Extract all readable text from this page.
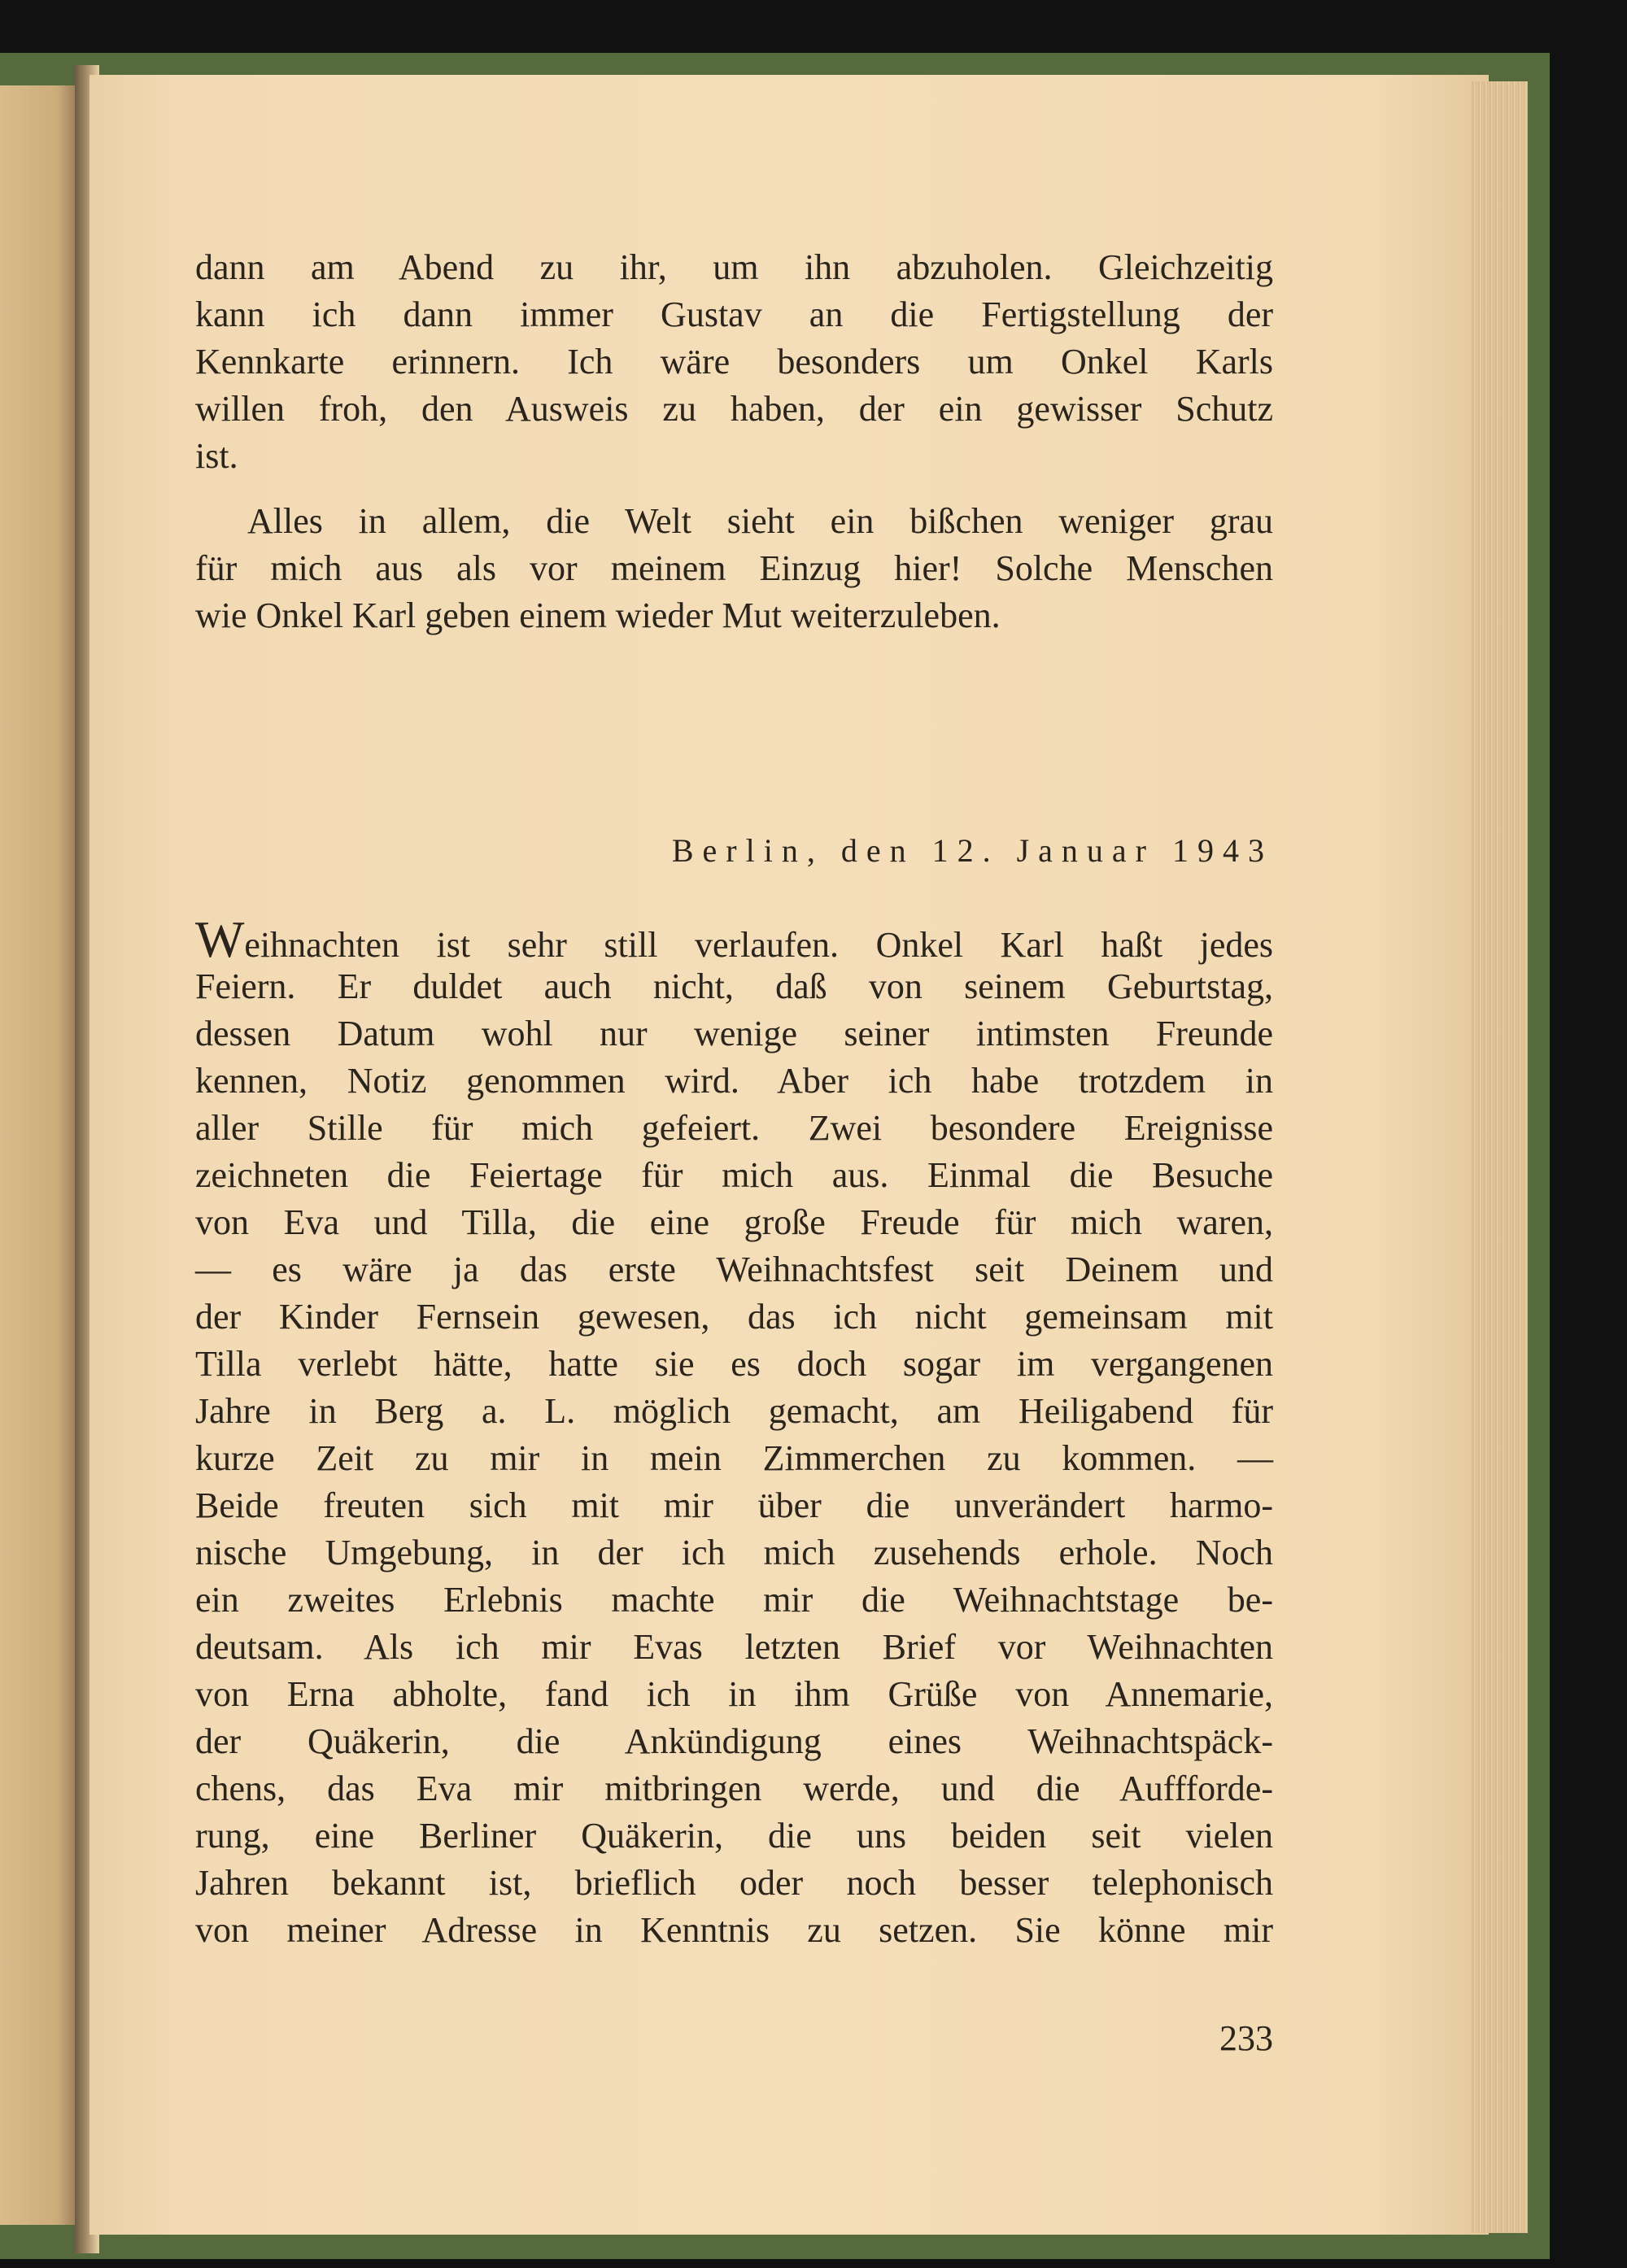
dann am Abend zu ihr, um ihn abzuholen. Gleichzeitig
kann ich dann immer Gustav an die Fertigstellung der
Kennkarte erinnern. Ich wäre besonders um Onkel Karls
willen froh, den Ausweis zu haben, der ein gewisser Schutz
ist.
Alles in allem, die Welt sieht ein bißchen weniger grau
für mich aus als vor meinem Einzug hier! Solche Menschen
wie Onkel Karl geben einem wieder Mut weiterzuleben.
Berlin, den 12. Januar 1943
Weihnachten ist sehr still verlaufen. Onkel Karl haßt jedes
Feiern. Er duldet auch nicht, daß von seinem Geburtstag,
dessen Datum wohl nur wenige seiner intimsten Freunde
kennen, Notiz genommen wird. Aber ich habe trotzdem in
aller Stille für mich gefeiert. Zwei besondere Ereignisse
zeichneten die Feiertage für mich aus. Einmal die Besuche
von Eva und Tilla, die eine große Freude für mich waren,
— es wäre ja das erste Weihnachtsfest seit Deinem und
der Kinder Fernsein gewesen, das ich nicht gemeinsam mit
Tilla verlebt hätte, hatte sie es doch sogar im vergangenen
Jahre in Berg a. L. möglich gemacht, am Heiligabend für
kurze Zeit zu mir in mein Zimmerchen zu kommen. —
Beide freuten sich mit mir über die unverändert harmo-
nische Umgebung, in der ich mich zusehends erhole. Noch
ein zweites Erlebnis machte mir die Weihnachtstage be-
deutsam. Als ich mir Evas letzten Brief vor Weihnachten
von Erna abholte, fand ich in ihm Grüße von Annemarie,
der Quäkerin, die Ankündigung eines Weihnachtspäck-
chens, das Eva mir mitbringen werde, und die Auffforde-
rung, eine Berliner Quäkerin, die uns beiden seit vielen
Jahren bekannt ist, brieflich oder noch besser telephonisch
von meiner Adresse in Kenntnis zu setzen. Sie könne mir
233
